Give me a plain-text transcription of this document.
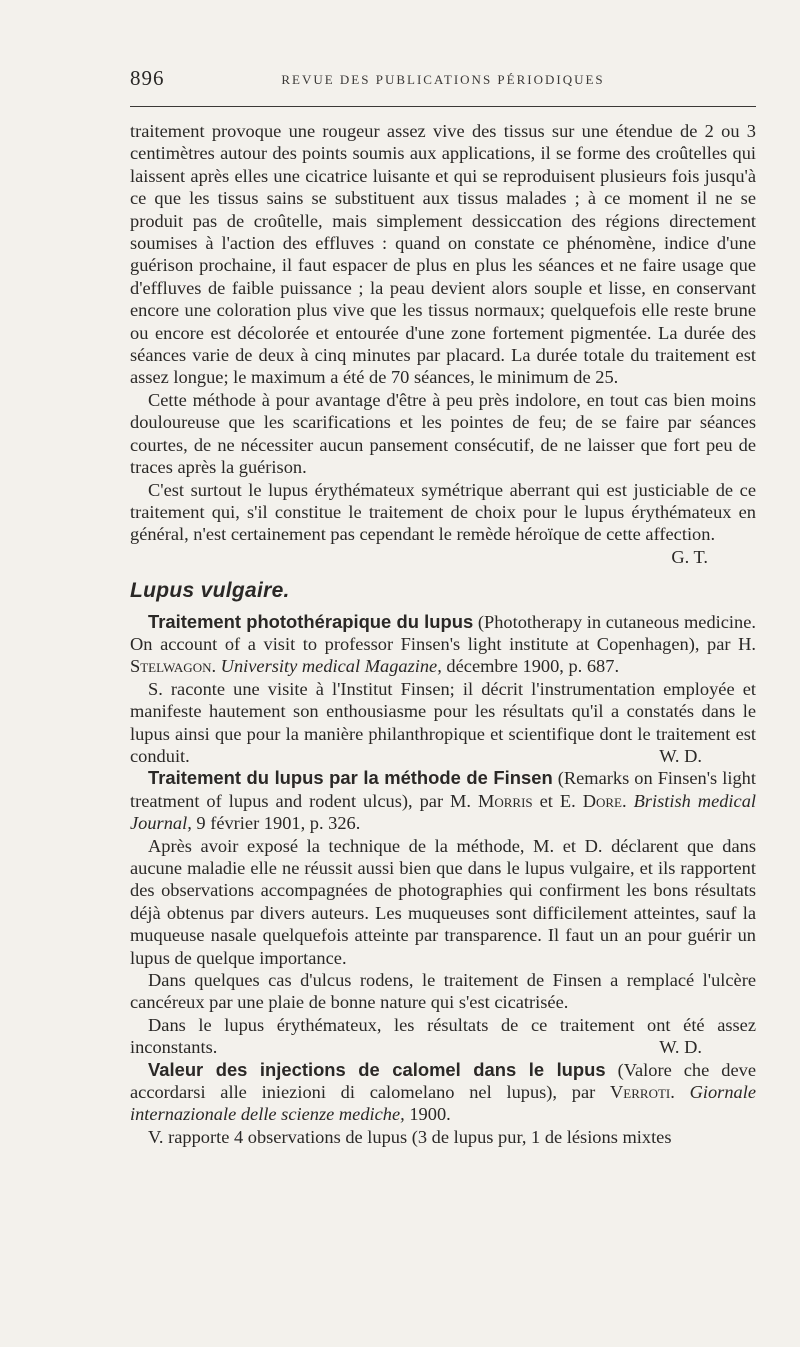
896	REVUE DES PUBLICATIONS PÉRIODIQUES

traitement provoque une rougeur assez vive des tissus sur une étendue de 2 ou 3 centimètres autour des points soumis aux applications, il se forme des croûtelles qui laissent après elles une cicatrice luisante et qui se reproduisent plusieurs fois jusqu'à ce que les tissus sains se substituent aux tissus malades ; à ce moment il ne se produit pas de croûtelle, mais simplement dessiccation des régions directement soumises à l'action des effluves : quand on constate ce phénomène, indice d'une guérison prochaine, il faut espacer de plus en plus les séances et ne faire usage que d'effluves de faible puissance ; la peau devient alors souple et lisse, en conservant encore une coloration plus vive que les tissus normaux; quelquefois elle reste brune ou encore est décolorée et entourée d'une zone fortement pigmentée. La durée des séances varie de deux à cinq minutes par placard. La durée totale du traitement est assez longue; le maximum a été de 70 séances, le minimum de 25.

Cette méthode à pour avantage d'être à peu près indolore, en tout cas bien moins douloureuse que les scarifications et les pointes de feu; de se faire par séances courtes, de ne nécessiter aucun pansement consécutif, de ne laisser que fort peu de traces après la guérison.

C'est surtout le lupus érythémateux symétrique aberrant qui est justiciable de ce traitement qui, s'il constitue le traitement de choix pour le lupus érythémateux en général, n'est certainement pas cependant le remède héroïque de cette affection.
G. T.

Lupus vulgaire.

Traitement photothérapique du lupus (Phototherapy in cutaneous medicine. On account of a visit to professor Finsen's light institute at Copenhagen), par H. Stelwagon. University medical Magazine, décembre 1900, p. 687.

S. raconte une visite à l'Institut Finsen; il décrit l'instrumentation employée et manifeste hautement son enthousiasme pour les résultats qu'il a constatés dans le lupus ainsi que pour la manière philanthropique et scientifique dont le traitement est conduit.	W. D.

Traitement du lupus par la méthode de Finsen (Remarks on Finsen's light treatment of lupus and rodent ulcus), par M. Morris et E. Dore. Bristish medical Journal, 9 février 1901, p. 326.

Après avoir exposé la technique de la méthode, M. et D. déclarent que dans aucune maladie elle ne réussit aussi bien que dans le lupus vulgaire, et ils rapportent des observations accompagnées de photographies qui confirment les bons résultats déjà obtenus par divers auteurs. Les muqueuses sont difficilement atteintes, sauf la muqueuse nasale quelquefois atteinte par transparence. Il faut un an pour guérir un lupus de quelque importance.

Dans quelques cas d'ulcus rodens, le traitement de Finsen a remplacé l'ulcère cancéreux par une plaie de bonne nature qui s'est cicatrisée.

Dans le lupus érythémateux, les résultats de ce traitement ont été assez inconstants.	W. D.

Valeur des injections de calomel dans le lupus (Valore che deve accordarsi alle iniezioni di calomelano nel lupus), par Verroti. Giornale internazionale delle scienze mediche, 1900.

V. rapporte 4 observations de lupus (3 de lupus pur, 1 de lésions mixtes
